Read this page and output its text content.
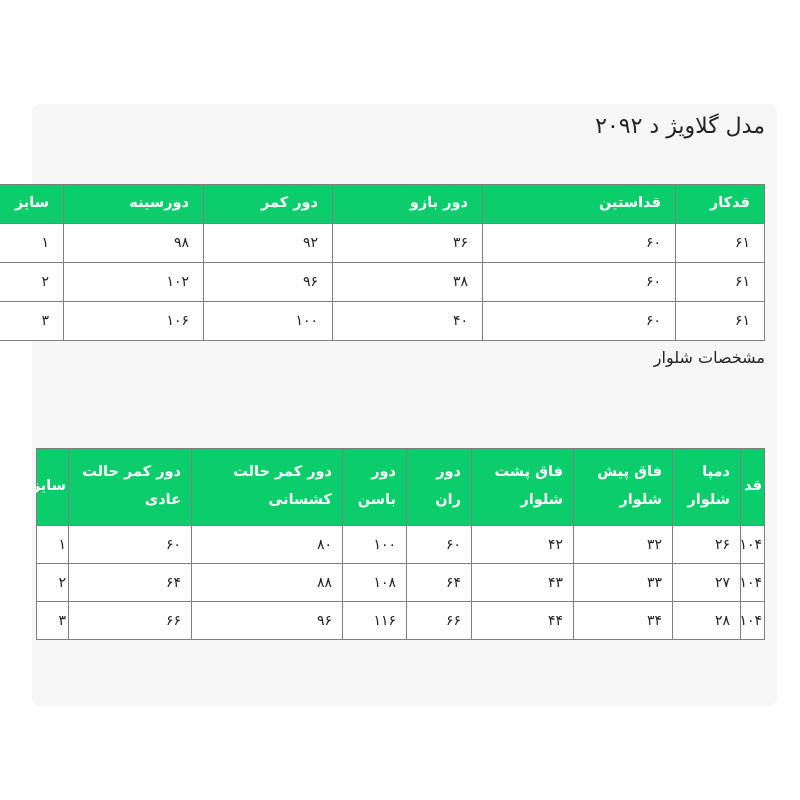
مدل گلاویژ د ۲۰۹۲
قدکار	قداستین	دور بازو	دور کمر	دورسینه	سایز
۶۱	۶۰	۳۶	۹۲	۹۸	۱
۶۱	۶۰	۳۸	۹۶	۱۰۲	۲
۶۱	۶۰	۴۰	۱۰۰	۱۰۶	۳

مشخصات شلوار

قد	دمپا شلوار	فاق پیش شلوار	فاق پشت شلوار	دور ران	دور باسن	دور کمر حالت کشسانی	دور کمر حالت عادی	سایز
۱۰۴	۲۶	۳۲	۴۲	۶۰	۱۰۰	۸۰	۶۰	۱
۱۰۴	۲۷	۳۳	۴۳	۶۴	۱۰۸	۸۸	۶۴	۲
۱۰۴	۲۸	۳۴	۴۴	۶۶	۱۱۶	۹۶	۶۶	۳
